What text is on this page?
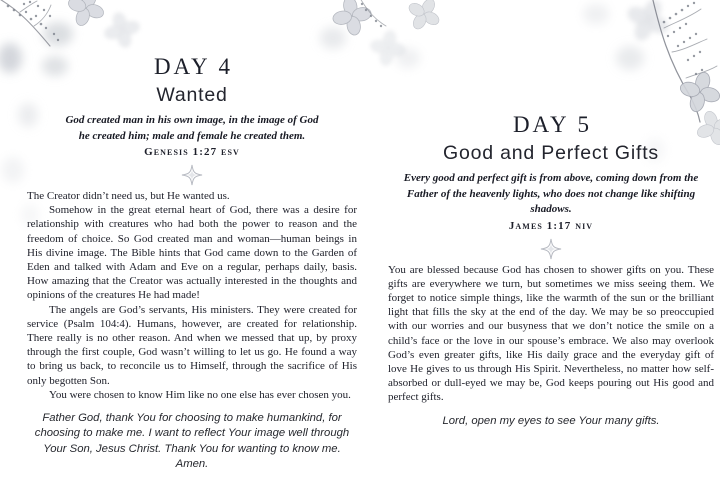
DAY 4
Wanted
God created man in his own image, in the image of God
he created him; male and female he created them.
Genesis 1:27 esv

The Creator didn’t need us, but He wanted us.

Somehow in the great eternal heart of God, there was a desire for relationship with creatures who had both the power to reason and the freedom of choice. So God created man and woman—human beings in His divine image. The Bible hints that God came down to the Garden of Eden and talked with Adam and Eve on a regular, perhaps daily, basis. How amazing that the Creator was actually interested in the thoughts and opinions of the creatures He had made!

The angels are God’s servants, His ministers. They were created for service (Psalm 104:4). Humans, however, are created for relationship. There really is no other reason. And when we messed that up, by proxy through the first couple, God wasn’t willing to let us go. He found a way to bring us back, to reconcile us to Himself, through the sacrifice of His only begotten Son.

You were chosen to know Him like no one else has ever chosen you.

Father God, thank You for choosing to make humankind, for
choosing to make me. I want to reflect Your image well through
Your Son, Jesus Christ. Thank You for wanting to know me. Amen.
DAY 5
Good and Perfect Gifts
Every good and perfect gift is from above, coming down from the
Father of the heavenly lights, who does not change like shifting shadows.
James 1:17 niv

You are blessed because God has chosen to shower gifts on you. These gifts are everywhere we turn, but sometimes we miss seeing them. We forget to notice simple things, like the warmth of the sun or the brilliant light that fills the sky at the end of the day. We may be so preoccupied with our worries and our busyness that we don’t notice the smile on a child’s face or the love in our spouse’s embrace. We also may overlook God’s even greater gifts, like His daily grace and the everyday gift of love He gives to us through His Spirit. Nevertheless, no matter how self-absorbed or dull-eyed we may be, God keeps pouring out His good and perfect gifts.

Lord, open my eyes to see Your many gifts.
